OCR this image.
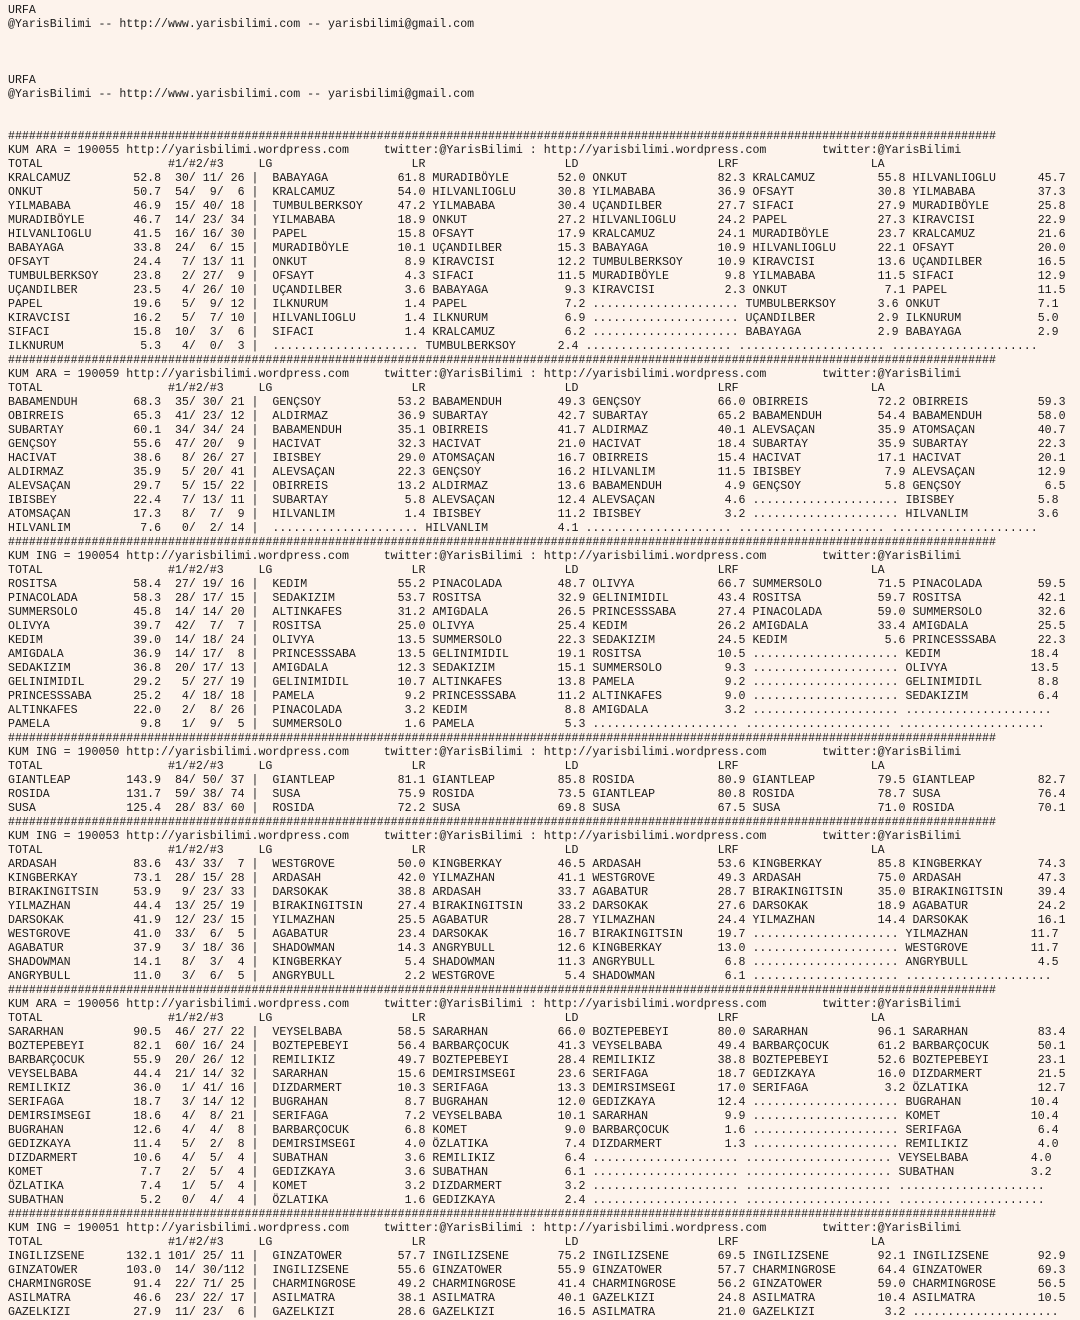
URFA
@YarisBilimi -- http://www.yarisbilimi.com -- yarisbilimi@gmail.com
URFA
@YarisBilimi -- http://www.yarisbilimi.com -- yarisbilimi@gmail.com
##############################################################################################################################################
KUM ARA = 190055 http://yarisbilimi.wordpress.com     twitter:@YarisBilimi : http://yarisbilimi.wordpress.com        twitter:@YarisBilimi
TOTAL                  #1/#2/#3     LG                    LR                    LD                    LRF                   LA
KRALCAMUZ         52.8  30/ 11/ 26 |  BABAYAGA          61.8 MURADIBÖYLE       52.0 ONKUT             82.3 KRALCAMUZ         55.8 HILVANLIOGLU      45.7
ONKUT             50.7  54/  9/  6 |  KRALCAMUZ         54.0 HILVANLIOGLU      30.8 YILMABABA         36.9 OFSAYT            30.8 YILMABABA         37.3
YILMABABA         46.9  15/ 40/ 18 |  TUMBULBERKSOY     47.2 YILMABABA         30.4 UÇANDILBER        27.7 SIFACI            27.9 MURADIBÖYLE       25.8
MURADIBÖYLE       46.7  14/ 23/ 34 |  YILMABABA         18.9 ONKUT             27.2 HILVANLIOGLU      24.2 PAPEL             27.3 KIRAVCISI         22.9
HILVANLIOGLU      41.5  16/ 16/ 30 |  PAPEL             15.8 OFSAYT            17.9 KRALCAMUZ         24.1 MURADIBÖYLE       23.7 KRALCAMUZ         21.6
BABAYAGA          33.8  24/  6/ 15 |  MURADIBÖYLE       10.1 UÇANDILBER        15.3 BABAYAGA          10.9 HILVANLIOGLU      22.1 OFSAYT            20.0
OFSAYT            24.4   7/ 13/ 11 |  ONKUT              8.9 KIRAVCISI         12.2 TUMBULBERKSOY     10.9 KIRAVCISI         13.6 UÇANDILBER        16.5
TUMBULBERKSOY     23.8   2/ 27/  9 |  OFSAYT             4.3 SIFACI            11.5 MURADIBÖYLE        9.8 YILMABABA         11.5 SIFACI            12.9
UÇANDILBER        23.5   4/ 26/ 10 |  UÇANDILBER         3.6 BABAYAGA           9.3 KIRAVCISI          2.3 ONKUT              7.1 PAPEL             11.5
PAPEL             19.6   5/  9/ 12 |  ILKNURUM           1.4 PAPEL              7.2 ..................... TUMBULBERKSOY      3.6 ONKUT              7.1
KIRAVCISI         16.2   5/  7/ 10 |  HILVANLIOGLU       1.4 ILKNURUM           6.9 ..................... UÇANDILBER         2.9 ILKNURUM           5.0
SIFACI            15.8  10/  3/  6 |  SIFACI             1.4 KRALCAMUZ          6.2 ..................... BABAYAGA           2.9 BABAYAGA           2.9
ILKNURUM           5.3   4/  0/  3 |  ..................... TUMBULBERKSOY      2.4 ..................... ..................... .....................
##############################################################################################################################################
KUM ARA = 190059 http://yarisbilimi.wordpress.com     twitter:@YarisBilimi : http://yarisbilimi.wordpress.com        twitter:@YarisBilimi
TOTAL                  #1/#2/#3     LG                    LR                    LD                    LRF                   LA
BABAMENDUH        68.3  35/ 30/ 21 |  GENÇSOY           53.2 BABAMENDUH        49.3 GENÇSOY           66.0 OBIRREIS          72.2 OBIRREIS          59.3
OBIRREIS          65.3  41/ 23/ 12 |  ALDIRMAZ          36.9 SUBARTAY          42.7 SUBARTAY          65.2 BABAMENDUH        54.4 BABAMENDUH        58.0
SUBARTAY          60.1  34/ 34/ 24 |  BABAMENDUH        35.1 OBIRREIS          41.7 ALDIRMAZ          40.1 ALEVSAÇAN         35.9 ATOMSAÇAN         40.7
GENÇSOY           55.6  47/ 20/  9 |  HACIVAT           32.3 HACIVAT           21.0 HACIVAT           18.4 SUBARTAY          35.9 SUBARTAY          22.3
HACIVAT           38.6   8/ 26/ 27 |  IBISBEY           29.0 ATOMSAÇAN         16.7 OBIRREIS          15.4 HACIVAT           17.1 HACIVAT           20.1
ALDIRMAZ          35.9   5/ 20/ 41 |  ALEVSAÇAN         22.3 GENÇSOY           16.2 HILVANLIM         11.5 IBISBEY            7.9 ALEVSAÇAN         12.9
ALEVSAÇAN         29.7   5/ 15/ 22 |  OBIRREIS          13.2 ALDIRMAZ          13.6 BABAMENDUH         4.9 GENÇSOY            5.8 GENÇSOY            6.5
IBISBEY           22.4   7/ 13/ 11 |  SUBARTAY           5.8 ALEVSAÇAN         12.4 ALEVSAÇAN          4.6 ..................... IBISBEY            5.8
ATOMSAÇAN         17.3   8/  7/  9 |  HILVANLIM          1.4 IBISBEY           11.2 IBISBEY            3.2 ..................... HILVANLIM          3.6
HILVANLIM          7.6   0/  2/ 14 |  ..................... HILVANLIM          4.1 ..................... ..................... .....................
##############################################################################################################################################
KUM ING = 190054 http://yarisbilimi.wordpress.com     twitter:@YarisBilimi : http://yarisbilimi.wordpress.com        twitter:@YarisBilimi
TOTAL                  #1/#2/#3     LG                    LR                    LD                    LRF                   LA
ROSITSA           58.4  27/ 19/ 16 |  KEDIM             55.2 PINACOLADA        48.7 OLIVYA            66.7 SUMMERSOLO        71.5 PINACOLADA        59.5
PINACOLADA        58.3  28/ 17/ 15 |  SEDAKIZIM         53.7 ROSITSA           32.9 GELINIMIDIL       43.4 ROSITSA           59.7 ROSITSA           42.1
SUMMERSOLO        45.8  14/ 14/ 20 |  ALTINKAFES        31.2 AMIGDALA          26.5 PRINCESSSABA      27.4 PINACOLADA        59.0 SUMMERSOLO        32.6
OLIVYA            39.7  42/  7/  7 |  ROSITSA           25.0 OLIVYA            25.4 KEDIM             26.2 AMIGDALA          33.4 AMIGDALA          25.5
KEDIM             39.0  14/ 18/ 24 |  OLIVYA            13.5 SUMMERSOLO        22.3 SEDAKIZIM         24.5 KEDIM              5.6 PRINCESSSABA      22.3
AMIGDALA          36.9  14/ 17/  8 |  PRINCESSSABA      13.5 GELINIMIDIL       19.1 ROSITSA           10.5 ..................... KEDIM             18.4
SEDAKIZIM         36.8  20/ 17/ 13 |  AMIGDALA          12.3 SEDAKIZIM         15.1 SUMMERSOLO         9.3 ..................... OLIVYA            13.5
GELINIMIDIL       29.2   5/ 27/ 19 |  GELINIMIDIL       10.7 ALTINKAFES        13.8 PAMELA             9.2 ..................... GELINIMIDIL        8.8
PRINCESSSABA      25.2   4/ 18/ 18 |  PAMELA             9.2 PRINCESSSABA      11.2 ALTINKAFES         9.0 ..................... SEDAKIZIM          6.4
ALTINKAFES        22.0   2/  8/ 26 |  PINACOLADA         3.2 KEDIM              8.8 AMIGDALA           3.2 ..................... .....................
PAMELA             9.8   1/  9/  5 |  SUMMERSOLO         1.6 PAMELA             5.3 ..................... ..................... .....................
##############################################################################################################################################
KUM ING = 190050 http://yarisbilimi.wordpress.com     twitter:@YarisBilimi : http://yarisbilimi.wordpress.com        twitter:@YarisBilimi
TOTAL                  #1/#2/#3     LG                    LR                    LD                    LRF                   LA
GIANTLEAP        143.9  84/ 50/ 37 |  GIANTLEAP         81.1 GIANTLEAP         85.8 ROSIDA            80.9 GIANTLEAP         79.5 GIANTLEAP         82.7
ROSIDA           131.7  59/ 38/ 74 |  SUSA              75.9 ROSIDA            73.5 GIANTLEAP         80.8 ROSIDA            78.7 SUSA              76.4
SUSA             125.4  28/ 83/ 60 |  ROSIDA            72.2 SUSA              69.8 SUSA              67.5 SUSA              71.0 ROSIDA            70.1
##############################################################################################################################################
KUM ING = 190053 http://yarisbilimi.wordpress.com     twitter:@YarisBilimi : http://yarisbilimi.wordpress.com        twitter:@YarisBilimi
TOTAL                  #1/#2/#3     LG                    LR                    LD                    LRF                   LA
ARDASAH           83.6  43/ 33/  7 |  WESTGROVE         50.0 KINGBERKAY        46.5 ARDASAH           53.6 KINGBERKAY        85.8 KINGBERKAY        74.3
KINGBERKAY        73.1  28/ 15/ 28 |  ARDASAH           42.0 YILMAZHAN         41.1 WESTGROVE         49.3 ARDASAH           75.0 ARDASAH           47.3
BIRAKINGITSIN     53.9   9/ 23/ 33 |  DARSOKAK          38.8 ARDASAH           33.7 AGABATUR          28.7 BIRAKINGITSIN     35.0 BIRAKINGITSIN     39.4
YILMAZHAN         44.4  13/ 25/ 19 |  BIRAKINGITSIN     27.4 BIRAKINGITSIN     33.2 DARSOKAK          27.6 DARSOKAK          18.9 AGABATUR          24.2
DARSOKAK          41.9  12/ 23/ 15 |  YILMAZHAN         25.5 AGABATUR          28.7 YILMAZHAN         24.4 YILMAZHAN         14.4 DARSOKAK          16.1
WESTGROVE         41.0  33/  6/  5 |  AGABATUR          23.4 DARSOKAK          16.7 BIRAKINGITSIN     19.7 ..................... YILMAZHAN         11.7
AGABATUR          37.9   3/ 18/ 36 |  SHADOWMAN         14.3 ANGRYBULL         12.6 KINGBERKAY        13.0 ..................... WESTGROVE         11.7
SHADOWMAN         14.1   8/  3/  4 |  KINGBERKAY         5.4 SHADOWMAN         11.3 ANGRYBULL          6.8 ..................... ANGRYBULL          4.5
ANGRYBULL         11.0   3/  6/  5 |  ANGRYBULL          2.2 WESTGROVE          5.4 SHADOWMAN          6.1 ..................... .....................
##############################################################################################################################################
KUM ARA = 190056 http://yarisbilimi.wordpress.com     twitter:@YarisBilimi : http://yarisbilimi.wordpress.com        twitter:@YarisBilimi
TOTAL                  #1/#2/#3     LG                    LR                    LD                    LRF                   LA
SARARHAN          90.5  46/ 27/ 22 |  VEYSELBABA        58.5 SARARHAN          66.0 BOZTEPEBEYI       80.0 SARARHAN          96.1 SARARHAN          83.4
BOZTEPEBEYI       82.1  60/ 16/ 24 |  BOZTEPEBEYI       56.4 BARBARÇOCUK       41.3 VEYSELBABA        49.4 BARBARÇOCUK       61.2 BARBARÇOCUK       50.1
BARBARÇOCUK       55.9  20/ 26/ 12 |  REMILIKIZ         49.7 BOZTEPEBEYI       28.4 REMILIKIZ         38.8 BOZTEPEBEYI       52.6 BOZTEPEBEYI       23.1
VEYSELBABA        44.4  21/ 14/ 32 |  SARARHAN          15.6 DEMIRSIMSEGI      23.6 SERIFAGA          18.7 GEDIZKAYA         16.0 DIZDARMERT        21.5
REMILIKIZ         36.0   1/ 41/ 16 |  DIZDARMERT        10.3 SERIFAGA          13.3 DEMIRSIMSEGI      17.0 SERIFAGA           3.2 ÖZLATIKA          12.7
SERIFAGA          18.7   3/ 14/ 12 |  BUGRAHAN           8.7 BUGRAHAN          12.0 GEDIZKAYA         12.4 ..................... BUGRAHAN          10.4
DEMIRSIMSEGI      18.6   4/  8/ 21 |  SERIFAGA           7.2 VEYSELBABA        10.1 SARARHAN           9.9 ..................... KOMET             10.4
BUGRAHAN          12.6   4/  4/  8 |  BARBARÇOCUK        6.8 KOMET              9.0 BARBARÇOCUK        1.6 ..................... SERIFAGA           6.4
GEDIZKAYA         11.4   5/  2/  8 |  DEMIRSIMSEGI       4.0 ÖZLATIKA           7.4 DIZDARMERT         1.3 ..................... REMILIKIZ          4.0
DIZDARMERT        10.6   4/  5/  4 |  SUBATHAN           3.6 REMILIKIZ          6.4 ..................... ..................... VEYSELBABA         4.0
KOMET              7.7   2/  5/  4 |  GEDIZKAYA          3.6 SUBATHAN           6.1 ..................... ..................... SUBATHAN           3.2
ÖZLATIKA           7.4   1/  5/  4 |  KOMET              3.2 DIZDARMERT         3.2 ..................... ..................... .....................
SUBATHAN           5.2   0/  4/  4 |  ÖZLATIKA           1.6 GEDIZKAYA          2.4 ..................... ..................... .....................
##############################################################################################################################################
KUM ING = 190051 http://yarisbilimi.wordpress.com     twitter:@YarisBilimi : http://yarisbilimi.wordpress.com        twitter:@YarisBilimi
TOTAL                  #1/#2/#3     LG                    LR                    LD                    LRF                   LA
INGILIZSENE      132.1 101/ 25/ 11 |  GINZATOWER        57.7 INGILIZSENE       75.2 INGILIZSENE       69.5 INGILIZSENE       92.1 INGILIZSENE       92.9
GINZATOWER       103.0  14/ 30/112 |  INGILIZSENE       55.6 GINZATOWER        55.9 GINZATOWER        57.7 CHARMINGROSE      64.4 GINZATOWER        69.3
CHARMINGROSE      91.4  22/ 71/ 25 |  CHARMINGROSE      49.2 CHARMINGROSE      41.4 CHARMINGROSE      56.2 GINZATOWER        59.0 CHARMINGROSE      56.5
ASILMATRA         46.6  23/ 22/ 17 |  ASILMATRA         38.1 ASILMATRA         40.1 GAZELKIZI         24.8 ASILMATRA         10.4 ASILMATRA         10.5
GAZELKIZI         27.9  11/ 23/  6 |  GAZELKIZI         28.6 GAZELKIZI         16.5 ASILMATRA         21.0 GAZELKIZI          3.2 .....................
